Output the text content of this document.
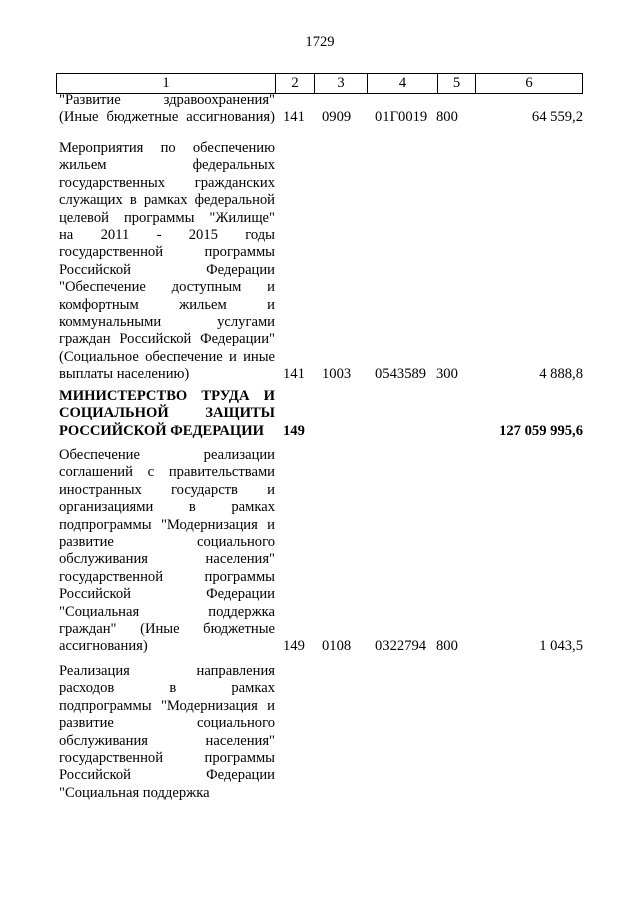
1729
1	2	3	4	5	6
"Развитие здравоохранения"
(Иные бюджетные ассигнования) 141 0909 01Г0019 800	64 559,2
Мероприятия по обеспечению
жильем федеральных
государственных гражданских
служащих в рамках федеральной
целевой программы "Жилище"
на 2011 - 2015 годы
государственной программы
Российской Федерации
"Обеспечение доступным и
комфортным жильем и
коммунальными услугами
граждан Российской Федерации"
(Социальное обеспечение и иные
выплаты населению)	141 1003 0543589 300	4 888,8
МИНИСТЕРСТВО ТРУДА И
СОЦИАЛЬНОЙ ЗАЩИТЫ
РОССИЙСКОЙ ФЕДЕРАЦИИ	149	127 059 995,6
Обеспечение реализации
соглашений с правительствами
иностранных государств и
организациями в рамках
подпрограммы "Модернизация и
развитие социального
обслуживания населения"
государственной программы
Российской Федерации
"Социальная поддержка
граждан" (Иные бюджетные
ассигнования)	149 0108 0322794 800	1 043,5
Реализация направления
расходов в рамках
подпрограммы "Модернизация и
развитие социального
обслуживания населения"
государственной программы
Российской Федерации
"Социальная поддержка
